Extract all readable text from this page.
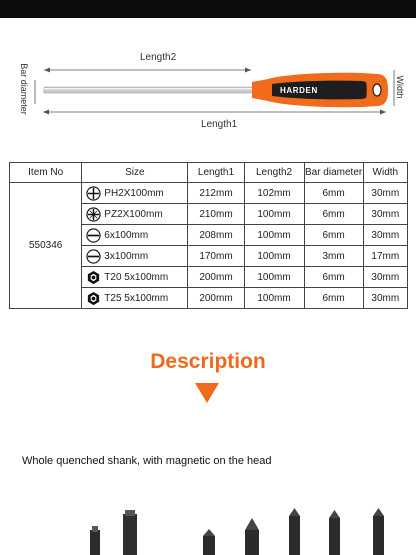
HARDEN
Length2
Length1
Bar diameter	Width
Item No	Size	Length1	Length2	Bar diameter	Width
550346	PH2X100mm	212mm	102mm	6mm	30mm
	PZ2X100mm	210mm	100mm	6mm	30mm
	6x100mm	208mm	100mm	6mm	30mm
	3x100mm	170mm	100mm	3mm	17mm
	T20 5x100mm	200mm	100mm	6mm	30mm
	T25 5x100mm	200mm	100mm	6mm	30mm
Description
Whole quenched shank, with magnetic on the head
